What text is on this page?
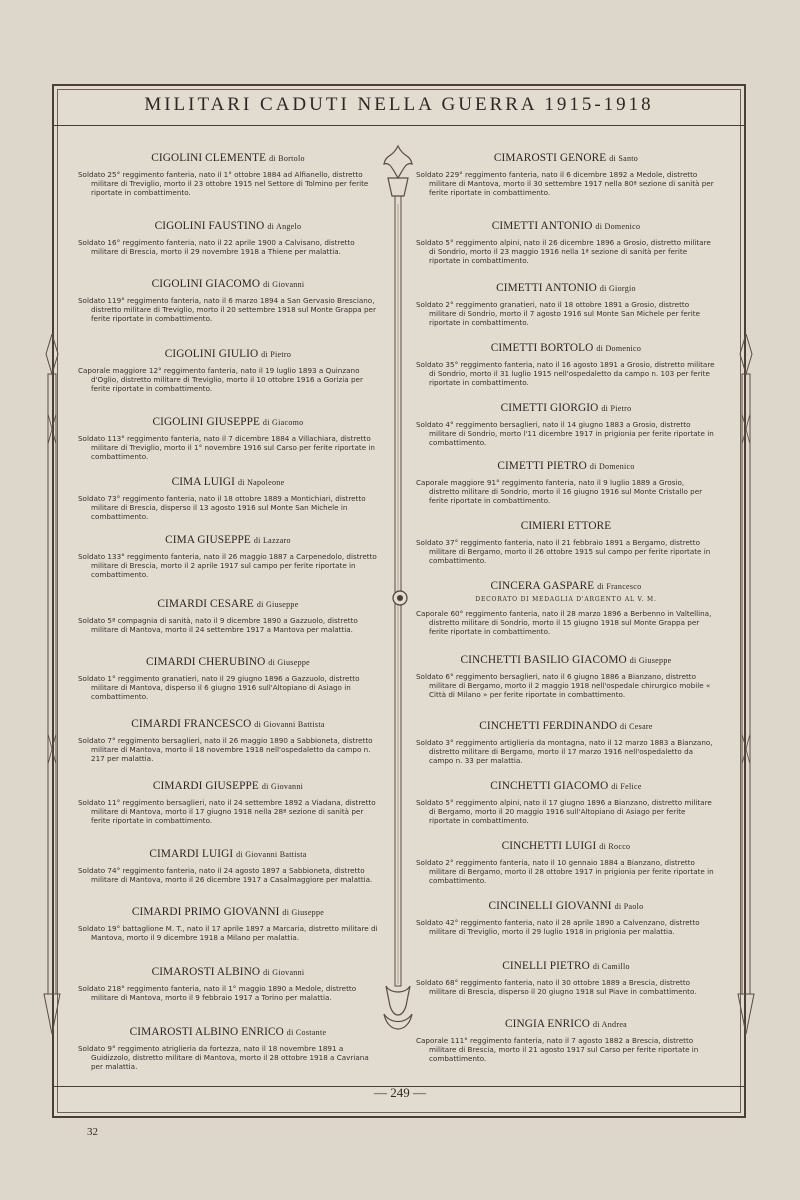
MILITARI CADUTI NELLA GUERRA 1915-1918
CIGOLINI CLEMENTE di Bortolo
Soldato 25° reggimento fanteria, nato il 1° ottobre 1884 ad Alfianello, distretto militare di Treviglio, morto il 23 ottobre 1915 nel Settore di Tolmino per ferite riportate in combattimento.
CIGOLINI FAUSTINO di Angelo
Soldato 16° reggimento fanteria, nato il 22 aprile 1900 a Calvisano, distretto militare di Brescia, morto il 29 novembre 1918 a Thiene per malattia.
CIGOLINI GIACOMO di Giovanni
Soldato 119° reggimento fanteria, nato il 6 marzo 1894 a San Gervasio Bresciano, distretto militare di Treviglio, morto il 20 settembre 1918 sul Monte Grappa per ferite riportate in combattimento.
CIGOLINI GIULIO di Pietro
Caporale maggiore 12° reggimento fanteria, nato il 19 luglio 1893 a Quinzano d'Oglio, distretto militare di Treviglio, morto il 10 ottobre 1916 a Gorizia per ferite riportate in combattimento.
CIGOLINI GIUSEPPE di Giacomo
Soldato 113° reggimento fanteria, nato il 7 dicembre 1884 a Villachiara, distretto militare di Treviglio, morto il 1° novembre 1916 sul Carso per ferite riportate in combattimento.
CIMA LUIGI di Napoleone
Soldato 73° reggimento fanteria, nato il 18 ottobre 1889 a Montichiari, distretto militare di Brescia, disperso il 13 agosto 1916 sul Monte San Michele in combattimento.
CIMA GIUSEPPE di Lazzaro
Soldato 133° reggimento fanteria, nato il 26 maggio 1887 a Carpenedolo, distretto militare di Brescia, morto il 2 aprile 1917 sul campo per ferite riportate in combattimento.
CIMARDI CESARE di Giuseppe
Soldato 5ª compagnia di sanità, nato il 9 dicembre 1890 a Gazzuolo, distretto militare di Mantova, morto il 24 settembre 1917 a Mantova per malattia.
CIMARDI CHERUBINO di Giuseppe
Soldato 1° reggimento granatieri, nato il 29 giugno 1896 a Gazzuolo, distretto militare di Mantova, disperso il 6 giugno 1916 sull'Altopiano di Asiago in combattimento.
CIMARDI FRANCESCO di Giovanni Battista
Soldato 7° reggimento bersaglieri, nato il 26 maggio 1890 a Sabbioneta, distretto militare di Mantova, morto il 18 novembre 1918 nell'ospedaletto da campo n. 217 per malattia.
CIMARDI GIUSEPPE di Giovanni
Soldato 11° reggimento bersaglieri, nato il 24 settembre 1892 a Viadana, distretto militare di Mantova, morto il 17 giugno 1918 nella 28ª sezione di sanità per ferite riportate in combattimento.
CIMARDI LUIGI di Giovanni Battista
Soldato 74° reggimento fanteria, nato il 24 agosto 1897 a Sabbioneta, distretto militare di Mantova, morto il 26 dicembre 1917 a Casalmaggiore per malattia.
CIMARDI PRIMO GIOVANNI di Giuseppe
Soldato 19° battaglione M. T., nato il 17 aprile 1897 a Marcaria, distretto militare di Mantova, morto il 9 dicembre 1918 a Milano per malattia.
CIMAROSTI ALBINO di Giovanni
Soldato 218° reggimento fanteria, nato il 1° maggio 1890 a Medole, distretto militare di Mantova, morto il 9 febbraio 1917 a Torino per malattia.
CIMAROSTI ALBINO ENRICO di Costante
Soldato 9° reggimento atriglieria da fortezza, nato il 18 novembre 1891 a Guidizzolo, distretto militare di Mantova, morto il 28 ottobre 1918 a Cavriana per malattia.
CIMAROSTI GENORE di Santo
Soldato 229° reggimento fanteria, nato il 6 dicembre 1892 a Medole, distretto militare di Mantova, morto il 30 settembre 1917 nella 80ª sezione di sanità per ferite riportate in combattimento.
CIMETTI ANTONIO di Domenico
Soldato 5° reggimento alpini, nato il 26 dicembre 1896 a Grosio, distretto militare di Sondrio, morto il 23 maggio 1916 nella 1ª sezione di sanità per ferite riportate in combattimento.
CIMETTI ANTONIO di Giorgio
Soldato 2° reggimento granatieri, nato il 18 ottobre 1891 a Grosio, distretto militare di Sondrio, morto il 7 agosto 1916 sul Monte San Michele per ferite riportate in combattimento.
CIMETTI BORTOLO di Domenico
Soldato 35° reggimento fanteria, nato il 16 agosto 1891 a Grosio, distretto militare di Sondrio, morto il 31 luglio 1915 nell'ospedaletto da campo n. 103 per ferite riportate in combattimento.
CIMETTI GIORGIO di Pietro
Soldato 4° reggimento bersaglieri, nato il 14 giugno 1883 a Grosio, distretto militare di Sondrio, morto l'11 dicembre 1917 in prigionia per ferite riportate in combattimento.
CIMETTI PIETRO di Domenico
Caporale maggiore 91° reggimento fanteria, nato il 9 luglio 1889 a Grosio, distretto militare di Sondrio, morto il 16 giugno 1916 sul Monte Cristallo per ferite riportate in combattimento.
CIMIERI ETTORE
Soldato 37° reggimento fanteria, nato il 21 febbraio 1891 a Bergamo, distretto militare di Bergamo, morto il 26 ottobre 1915 sul campo per ferite riportate in combattimento.
CINCERA GASPARE di Francesco
DECORATO DI MEDAGLIA D'ARGENTO AL V. M.
Caporale 60° reggimento fanteria, nato il 28 marzo 1896 a Berbenno in Valtellina, distretto militare di Sondrio, morto il 15 giugno 1918 sul Monte Grappa per ferite riportate in combattimento.
CINCHETTI BASILIO GIACOMO di Giuseppe
Soldato 6° reggimento bersaglieri, nato il 6 giugno 1886 a Bianzano, distretto militare di Bergamo, morto il 2 maggio 1918 nell'ospedale chirurgico mobile « Città di Milano » per ferite riportate in combattimento.
CINCHETTI FERDINANDO di Cesare
Soldato 3° reggimento artiglieria da montagna, nato il 12 marzo 1883 a Bianzano, distretto militare di Bergamo, morto il 17 marzo 1916 nell'ospedaletto da campo n. 33 per malattia.
CINCHETTI GIACOMO di Felice
Soldato 5° reggimento alpini, nato il 17 giugno 1896 a Bianzano, distretto militare di Bergamo, morto il 20 maggio 1916 sull'Altopiano di Asiago per ferite riportate in combattimento.
CINCHETTI LUIGI di Rocco
Soldato 2° reggimento fanteria, nato il 10 gennaio 1884 a Bianzano, distretto militare di Bergamo, morto il 28 ottobre 1917 in prigionia per ferite riportate in combattimento.
CINCINELLI GIOVANNI di Paolo
Soldato 42° reggimento fanteria, nato il 28 aprile 1890 a Calvenzano, distretto militare di Treviglio, morto il 29 luglio 1918 in prigionia per malattia.
CINELLI PIETRO di Camillo
Soldato 68° reggimento fanteria, nato il 30 ottobre 1889 a Brescia, distretto militare di Brescia, disperso il 20 giugno 1918 sul Piave in combattimento.
CINGIA ENRICO di Andrea
Caporale 111° reggimento fanteria, nato il 7 agosto 1882 a Brescia, distretto militare di Brescia, morto il 21 agosto 1917 sul Carso per ferite riportate in combattimento.
— 249 —
32
